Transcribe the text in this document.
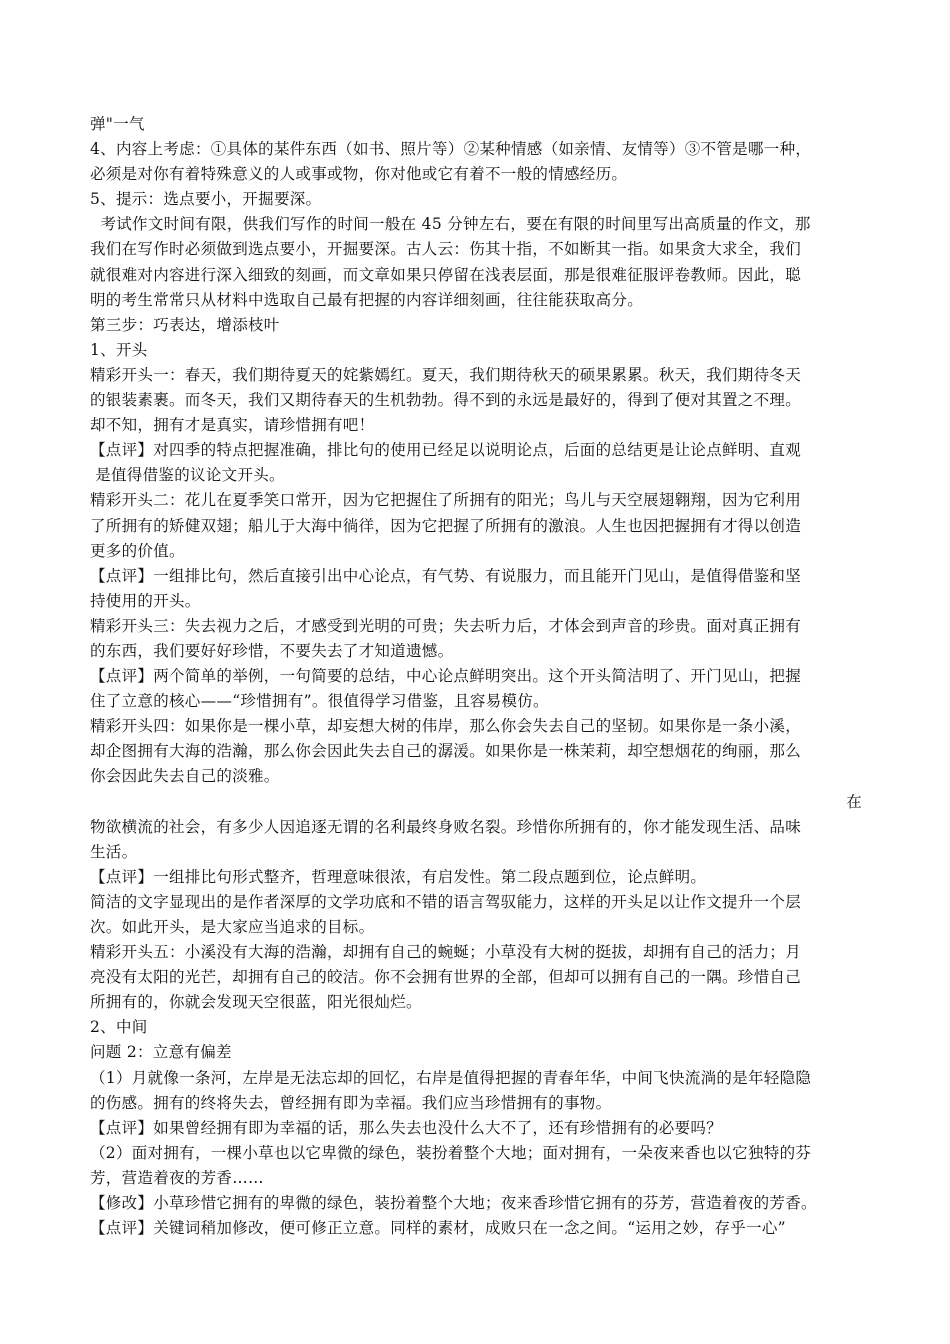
弹"一气
4、内容上考虑：①具体的某件东西（如书、照片等）②某种情感（如亲情、友情等）③不管是哪一种，
必须是对你有着特殊意义的人或事或物，你对他或它有着不一般的情感经历。
5、提示：选点要小，开掘要深。
考试作文时间有限，供我们写作的时间一般在 45 分钟左右，要在有限的时间里写出高质量的作文，那
我们在写作时必须做到选点要小，开掘要深。古人云：伤其十指，不如断其一指。如果贪大求全，我们
就很难对内容进行深入细致的刻画，而文章如果只停留在浅表层面，那是很难征服评卷教师。因此，聪
明的考生常常只从材料中选取自己最有把握的内容详细刻画，往往能获取高分。
第三步：巧表达，增添枝叶
1、开头
精彩开头一：春天，我们期待夏天的姹紫嫣红。夏天，我们期待秋天的硕果累累。秋天，我们期待冬天
的银装素裹。而冬天，我们又期待春天的生机勃勃。得不到的永远是最好的，得到了便对其置之不理。
却不知，拥有才是真实，请珍惜拥有吧！
【点评】对四季的特点把握准确，排比句的使用已经足以说明论点，后面的总结更是让论点鲜明、直观
是值得借鉴的议论文开头。
精彩开头二：花儿在夏季笑口常开，因为它把握住了所拥有的阳光；鸟儿与天空展翅翱翔，因为它利用
了所拥有的矫健双翅；船儿于大海中徜徉，因为它把握了所拥有的激浪。人生也因把握拥有才得以创造
更多的价值。
【点评】一组排比句，然后直接引出中心论点，有气势、有说服力，而且能开门见山，是值得借鉴和坚
持使用的开头。
精彩开头三：失去视力之后，才感受到光明的可贵；失去听力后，才体会到声音的珍贵。面对真正拥有
的东西，我们要好好珍惜，不要失去了才知道遗憾。
【点评】两个简单的举例，一句简要的总结，中心论点鲜明突出。这个开头简洁明了、开门见山，把握
住了立意的核心——“珍惜拥有”。很值得学习借鉴，且容易模仿。
精彩开头四：如果你是一棵小草，却妄想大树的伟岸，那么你会失去自己的坚韧。如果你是一条小溪，
却企图拥有大海的浩瀚，那么你会因此失去自己的潺湲。如果你是一株茉莉，却空想烟花的绚丽，那么
你会因此失去自己的淡雅。
在
物欲横流的社会，有多少人因追逐无谓的名利最终身败名裂。珍惜你所拥有的，你才能发现生活、品味
生活。
【点评】一组排比句形式整齐，哲理意味很浓，有启发性。第二段点题到位，论点鲜明。
简洁的文字显现出的是作者深厚的文学功底和不错的语言驾驭能力，这样的开头足以让作文提升一个层
次。如此开头，是大家应当追求的目标。
精彩开头五：小溪没有大海的浩瀚，却拥有自己的蜿蜒；小草没有大树的挺拔，却拥有自己的活力；月
亮没有太阳的光芒，却拥有自己的皎洁。你不会拥有世界的全部，但却可以拥有自己的一隅。珍惜自己
所拥有的，你就会发现天空很蓝，阳光很灿烂。
2、中间
问题 2：立意有偏差
（1）月就像一条河，左岸是无法忘却的回忆，右岸是值得把握的青春年华，中间飞快流淌的是年轻隐隐
的伤感。拥有的终将失去，曾经拥有即为幸福。我们应当珍惜拥有的事物。
【点评】如果曾经拥有即为幸福的话，那么失去也没什么大不了，还有珍惜拥有的必要吗？
（2）面对拥有，一棵小草也以它卑微的绿色，装扮着整个大地；面对拥有，一朵夜来香也以它独特的芬
芳，营造着夜的芳香……
【修改】小草珍惜它拥有的卑微的绿色，装扮着整个大地；夜来香珍惜它拥有的芬芳，营造着夜的芳香。
【点评】关键词稍加修改，便可修正立意。同样的素材，成败只在一念之间。“运用之妙，存乎一心”
